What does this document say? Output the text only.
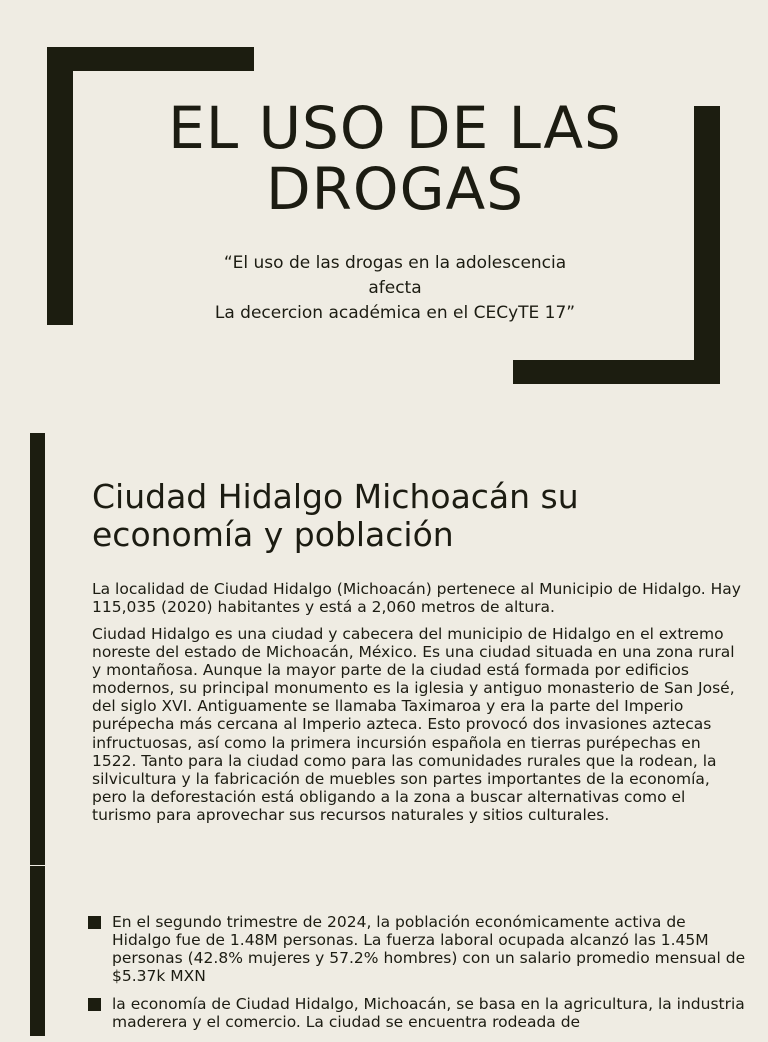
EL USO DE LAS
DROGAS
“El uso de las drogas en la adolescencia
afecta
La decercion académica en el CECyTE 17”
Ciudad Hidalgo Michoacán su
economía y población

La localidad de Ciudad Hidalgo (Michoacán) pertenece al Municipio de Hidalgo. Hay 115,035 (2020) habitantes y está a 2,060 metros de altura.

Ciudad Hidalgo es una ciudad y cabecera del municipio de Hidalgo en el extremo noreste del estado de Michoacán, México. Es una ciudad situada en una zona rural y montañosa. Aunque la mayor parte de la ciudad está formada por edificios modernos, su principal monumento es la iglesia y antiguo monasterio de San José, del siglo XVI. Antiguamente se llamaba Taximaroa y era la parte del Imperio purépecha más cercana al Imperio azteca. Esto provocó dos invasiones aztecas infructuosas, así como la primera incursión española en tierras purépechas en 1522. Tanto para la ciudad como para las comunidades rurales que la rodean, la silvicultura y la fabricación de muebles son partes importantes de la economía, pero la deforestación está obligando a la zona a buscar alternativas como el turismo para aprovechar sus recursos naturales y sitios culturales.

En el segundo trimestre de 2024, la población económicamente activa de Hidalgo fue de 1.48M personas. La fuerza laboral ocupada alcanzó las 1.45M personas (42.8% mujeres y 57.2% hombres) con un salario promedio mensual de $5.37k MXN
la economía de Ciudad Hidalgo, Michoacán, se basa en la agricultura, la industria maderera y el comercio. La ciudad se encuentra rodeada de
